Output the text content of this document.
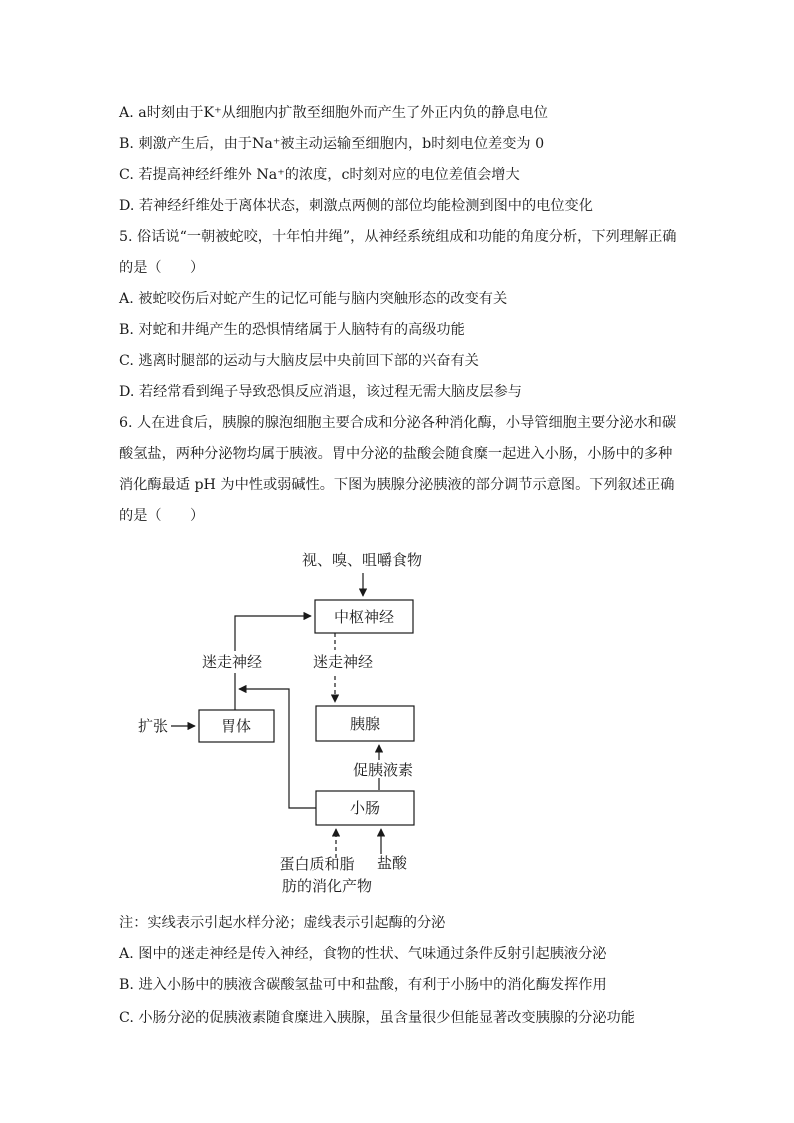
A. a时刻由于K⁺从细胞内扩散至细胞外而产生了外正内负的静息电位
B. 刺激产生后，由于Na⁺被主动运输至细胞内，b时刻电位差变为 0
C. 若提高神经纤维外 Na⁺的浓度，c时刻对应的电位差值会增大
D. 若神经纤维处于离体状态，刺激点两侧的部位均能检测到图中的电位变化
5. 俗话说“一朝被蛇咬，十年怕井绳”，从神经系统组成和功能的角度分析，下列理解正确
的是（　　）
A. 被蛇咬伤后对蛇产生的记忆可能与脑内突触形态的改变有关
B. 对蛇和井绳产生的恐惧情绪属于人脑特有的高级功能
C. 逃离时腿部的运动与大脑皮层中央前回下部的兴奋有关
D. 若经常看到绳子导致恐惧反应消退，该过程无需大脑皮层参与
6. 人在进食后，胰腺的腺泡细胞主要合成和分泌各种消化酶，小导管细胞主要分泌水和碳
酸氢盐，两种分泌物均属于胰液。胃中分泌的盐酸会随食糜一起进入小肠，小肠中的多种
消化酶最适 pH 为中性或弱碱性。下图为胰腺分泌胰液的部分调节示意图。下列叙述正确
的是（　　）
视、嗅、咀嚼食物
中枢神经
迷走神经	迷走神经
胃体
扩张	胰腺
促胰液素
小肠
蛋白质和脂
肪的消化产物
盐酸
注：实线表示引起水样分泌；虚线表示引起酶的分泌
A. 图中的迷走神经是传入神经，食物的性状、气味通过条件反射引起胰液分泌
B. 进入小肠中的胰液含碳酸氢盐可中和盐酸，有利于小肠中的消化酶发挥作用
C. 小肠分泌的促胰液素随食糜进入胰腺，虽含量很少但能显著改变胰腺的分泌功能
